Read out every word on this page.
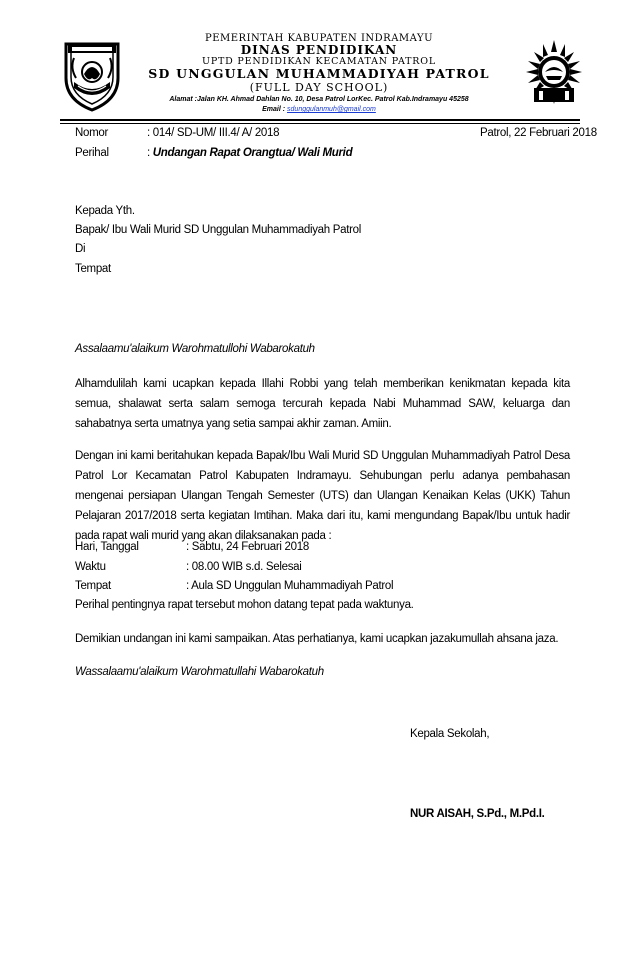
PEMERINTAH KABUPATEN INDRAMAYU
DINAS PENDIDIKAN
UPTD PENDIDIKAN KECAMATAN PATROL
SD UNGGULAN MUHAMMADIYAH PATROL
(FULL DAY SCHOOL)
Alamat :Jalan KH. Ahmad Dahlan No. 10, Desa Patrol LorKec. Patrol Kab.Indramayu 45258
Email : sdunggulanmuh@gmail.com
Nomor	: 014/ SD-UM/ III.4/ A/ 2018	Patrol, 22 Februari 2018
Perihal	: Undangan Rapat Orangtua/ Wali Murid
Kepada Yth.
Bapak/ Ibu Wali Murid SD Unggulan Muhammadiyah Patrol
Di
Tempat
Assalaamu'alaikum Warohmatullohi Wabarokatuh
Alhamdulilah kami ucapkan kepada Illahi Robbi yang telah memberikan kenikmatan kepada kita semua, shalawat serta salam semoga tercurah kepada Nabi Muhammad SAW, keluarga dan sahabatnya serta umatnya yang setia sampai akhir zaman. Amiin.
Dengan ini kami beritahukan kepada Bapak/Ibu Wali Murid SD Unggulan Muhammadiyah Patrol Desa Patrol Lor Kecamatan Patrol Kabupaten Indramayu. Sehubungan perlu adanya pembahasan mengenai persiapan Ulangan Tengah Semester (UTS) dan Ulangan Kenaikan Kelas (UKK) Tahun Pelajaran 2017/2018 serta kegiatan Imtihan. Maka dari itu, kami mengundang Bapak/Ibu untuk hadir pada rapat wali murid yang akan dilaksanakan pada :
Hari, Tanggal	: Sabtu, 24 Februari 2018
Waktu	: 08.00 WIB s.d. Selesai
Tempat	: Aula SD Unggulan Muhammadiyah Patrol
Perihal pentingnya rapat tersebut mohon datang tepat pada waktunya.
Demikian undangan ini kami sampaikan. Atas perhatianya, kami ucapkan jazakumullah ahsana jaza.
Wassalaamu'alaikum Warohmatullahi Wabarokatuh
Kepala Sekolah,
NUR AISAH, S.Pd., M.Pd.I.
